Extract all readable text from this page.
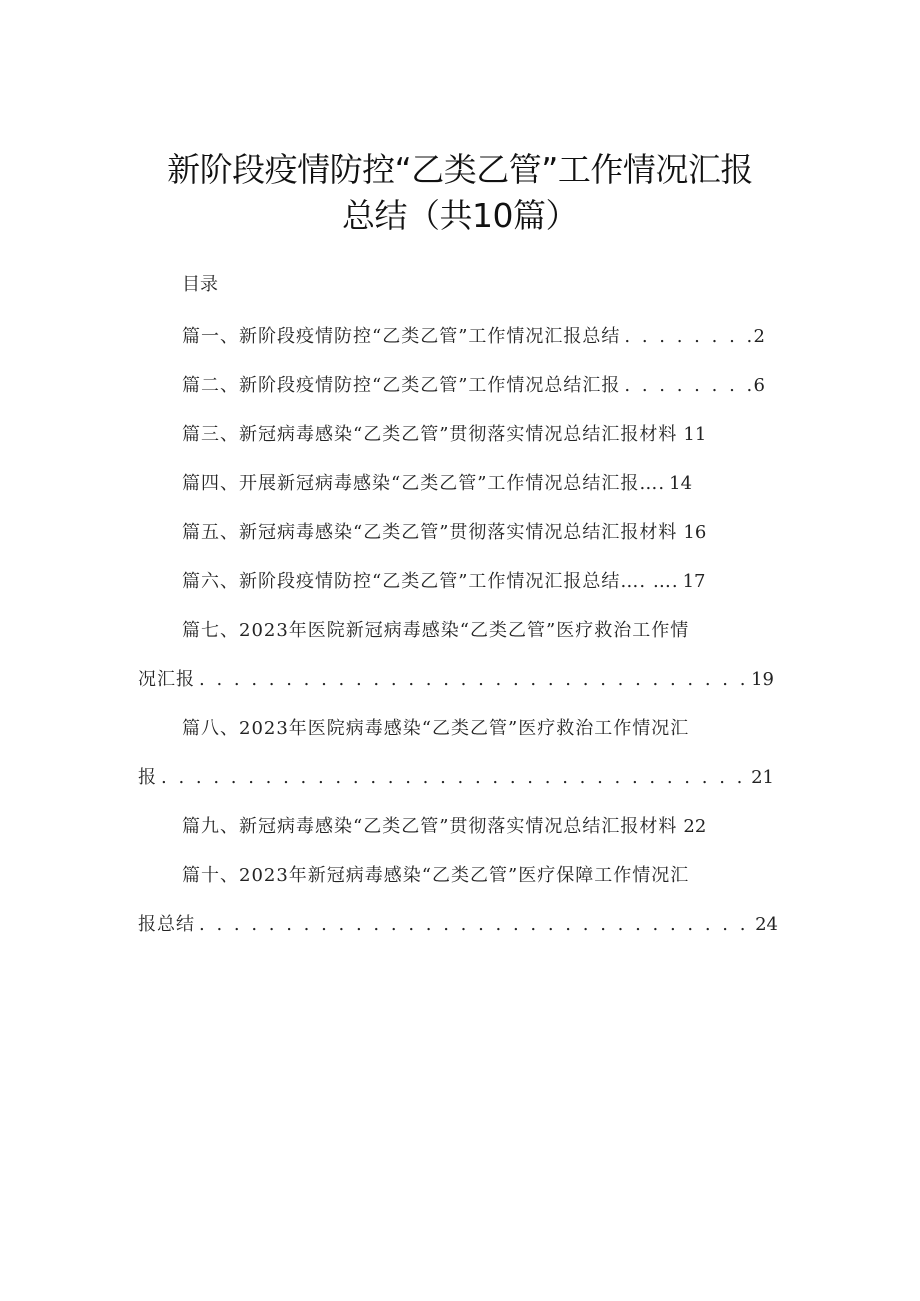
新阶段疫情防控“乙类乙管”工作情况汇报
总结（共10篇）
目录
篇一、新阶段疫情防控“乙类乙管”工作情况汇报总结 . . .	2
篇二、新阶段疫情防控“乙类乙管”工作情况总结汇报 . . .	6
篇三、新冠病毒感染“乙类乙管”贯彻落实情况总结汇报材料 11
篇四、开展新冠病毒感染“乙类乙管”工作情况总结汇报… . 14
篇五、新冠病毒感染“乙类乙管”贯彻落实情况总结汇报材料 16
篇六、新阶段疫情防控“乙类乙管”工作情况汇报总结…. …. 17
篇七、2023年医院新冠病毒感染“乙类乙管”医疗救治工作情
况汇报 . . .	19
篇八、2023年医院病毒感染“乙类乙管”医疗救治工作情况汇
报 . . .	21
篇九、新冠病毒感染“乙类乙管”贯彻落实情况总结汇报材料 22
篇十、2023年新冠病毒感染“乙类乙管”医疗保障工作情况汇
报总结 . . .	24
